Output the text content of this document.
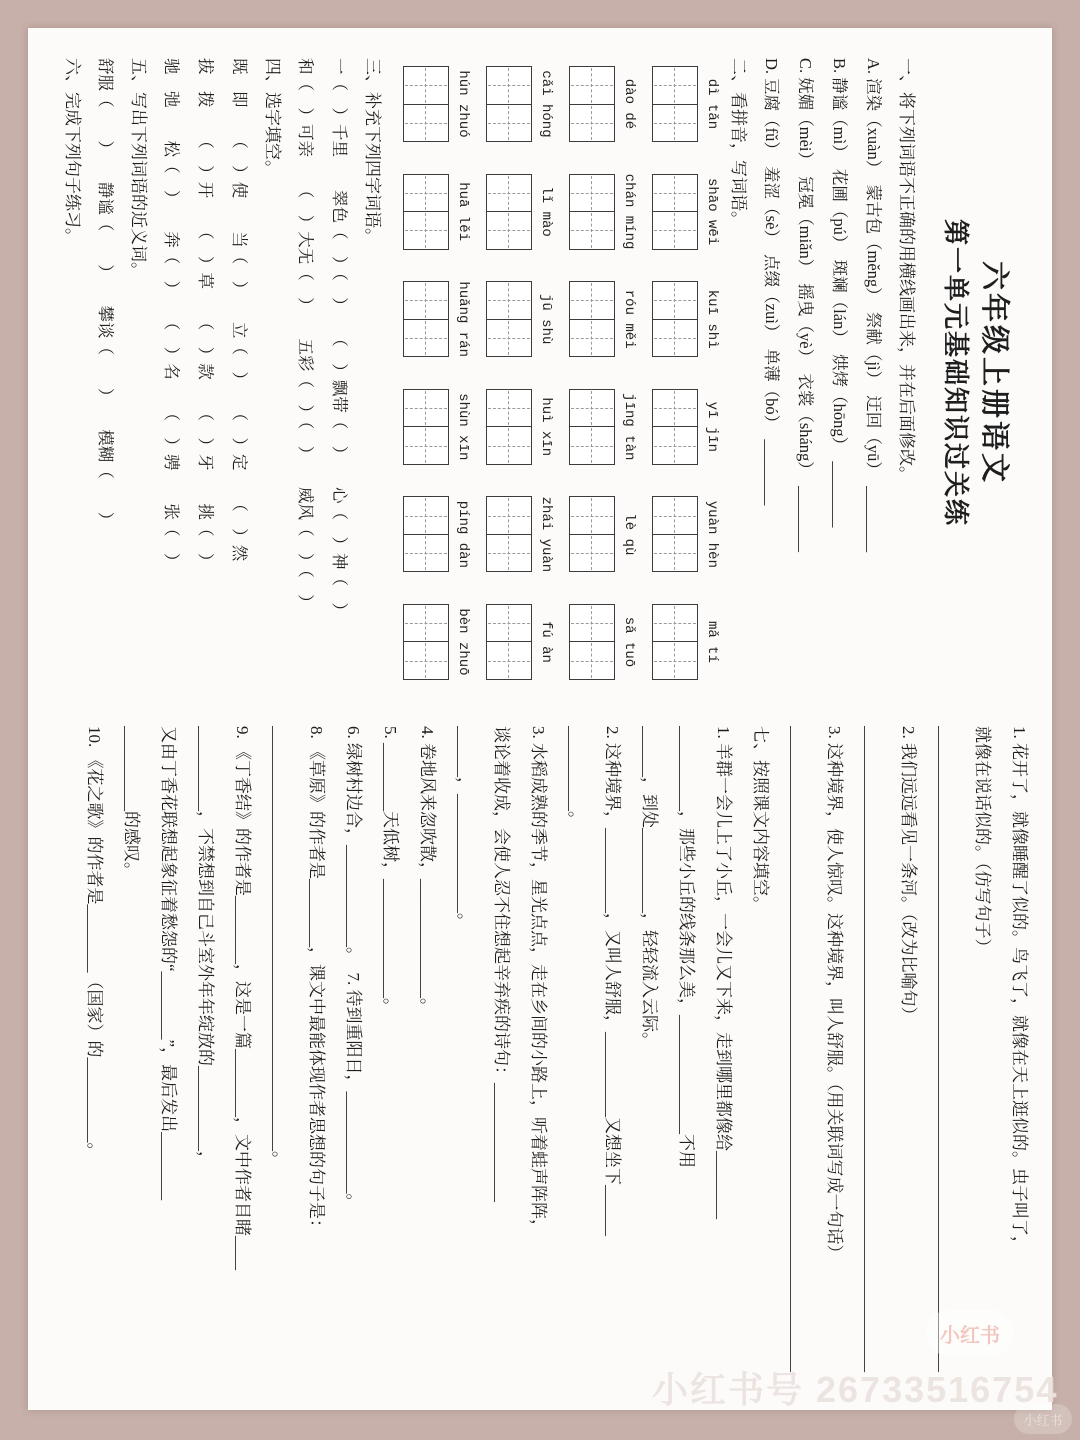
六年级上册语文
第一单元基础知识过关练
一、将下列词语不正确的用横线画出来，并在后面修改。
A. 渲染（xuàn）　蒙古包（měng）　祭献（jì）　迂回（yū）　________
B. 静谧（mì）　花圃（pú）　斑斓（lán）　烘烤（hōng）　________
C. 妩媚（mèi）　冠冕（miǎn）　摇曳（yè）　衣裳（sháng）　________
D. 豆腐（fǔ）　羞涩（sè）　点缀（zuì）　单薄（bó）　________
二、看拼音，写词语。
dì tǎn
shāo wēi
kuī shì
yī jīn
yuàn hèn
mǎ tí
dào dé
chán míng
róu měi
jīng tàn
lè qù
sǎ tuō
cǎi hóng
lǐ mào
jū shù
huì xīn
zhái yuàn
fú àn
hún zhuó
huā lěi
huǎng rán
shùn xīn
píng dàn
bèn zhuō
三、补充下列四字词语。
一（　）千里　　翠色（　）（　）　　（　）飘带（　）　　心（　）神（　）
和（　）可亲　　（　）大无（　）　　五彩（　）（　）　　威风（　）（　）
四、选字填空。
既　即　　（　）使　　当（　）　　立（　）　　（　）定　　（　）然
拔　拨　　（　）开　　（　）草　　（　）款　　（　）牙　　挑（　）
驰　弛　　松（　）　　奔（　）　　（　）名　　（　）骋　　张（　）
五、写出下列词语的近义词。
舒服（　　）　　静谧（　　）　　攀谈（　　）　　模糊（　　）
六、完成下列句子练习。
1. 花开了，就像睡醒了似的。鸟飞了，就像在天上逛似的。虫子叫了，
就像在说话似的。（仿写句子）
____________________________________________________________________________
2. 我们远远看见一条河。（改为比喻句）
____________________________________________________________________________
3. 这种境界，使人惊叹。这种境界，叫人舒服。（用关联词写成一句话）
____________________________________________________________________________
七、按照课文内容填空。
1. 羊群一会儿上了小丘，一会儿又下来，走到哪里都像给________
__________，那些小丘的线条那么美，______________不用
______，到处__________，轻轻流入云际。
2. 这种境界，__________，又叫人舒服，__________又想坐下______
__________。
3. 水稻成熟的季节，星光点点，走在乡间的小路上，听着蛙声阵阵，
谈论着收成，会使人忍不住想起辛弃疾的诗句：______________
______，______________。
4. 卷地风来忽吹散，______________。
5. ________天低树，______________。
6. 绿树村边合，____________。　7. 待到重阳日，____________。
8. 《草原》的作者是________，课文中最能体现作者思想的句子是：
__________________________________________________。
9. 《丁香结》的作者是________，这是一篇________，文中作者目睹____
__________，不禁想到自己斗室外年年绽放的__________，
又由丁香花联想起象征着愁怨的“________”，最后发出________
__________的感叹。
10. 《花之歌》的作者是________（国家）的__________。
小红书号 26733516754
小红书
小红书
